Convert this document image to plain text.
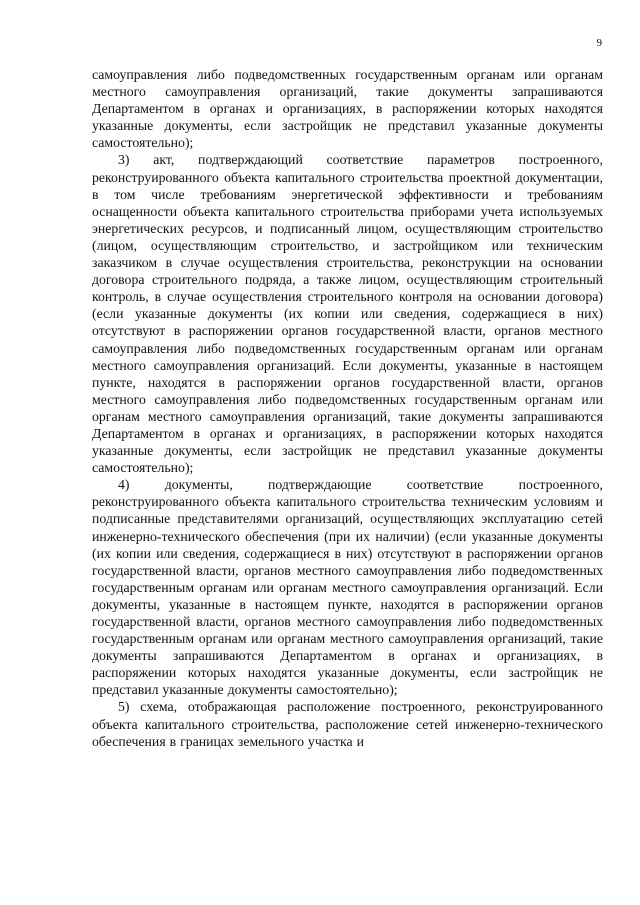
9

самоуправления либо подведомственных государственным органам или органам местного самоуправления организаций, такие документы запрашиваются Департаментом в органах и организациях, в распоряжении которых находятся указанные документы, если застройщик не представил указанные документы самостоятельно);

3) акт, подтверждающий соответствие параметров построенного, реконструированного объекта капитального строительства проектной документации, в том числе требованиям энергетической эффективности и требованиям оснащенности объекта капитального строительства приборами учета используемых энергетических ресурсов, и подписанный лицом, осуществляющим строительство (лицом, осуществляющим строительство, и застройщиком или техническим заказчиком в случае осуществления строительства, реконструкции на основании договора строительного подряда, а также лицом, осуществляющим строительный контроль, в случае осуществления строительного контроля на основании договора) (если указанные документы (их копии или сведения, содержащиеся в них) отсутствуют в распоряжении органов государственной власти, органов местного самоуправления либо подведомственных государственным органам или органам местного самоуправления организаций. Если документы, указанные в настоящем пункте, находятся в распоряжении органов государственной власти, органов местного самоуправления либо подведомственных государственным органам или органам местного самоуправления организаций, такие документы запрашиваются Департаментом в органах и организациях, в распоряжении которых находятся указанные документы, если застройщик не представил указанные документы самостоятельно);

4) документы, подтверждающие соответствие построенного, реконструированного объекта капитального строительства техническим условиям и подписанные представителями организаций, осуществляющих эксплуатацию сетей инженерно-технического обеспечения (при их наличии) (если указанные документы (их копии или сведения, содержащиеся в них) отсутствуют в распоряжении органов государственной власти, органов местного самоуправления либо подведомственных государственным органам или органам местного самоуправления организаций. Если документы, указанные в настоящем пункте, находятся в распоряжении органов государственной власти, органов местного самоуправления либо подведомственных государственным органам или органам местного самоуправления организаций, такие документы запрашиваются Департаментом в органах и организациях, в распоряжении которых находятся указанные документы, если застройщик не представил указанные документы самостоятельно);

5) схема, отображающая расположение построенного, реконструированного объекта капитального строительства, расположение сетей инженерно-технического обеспечения в границах земельного участка и
